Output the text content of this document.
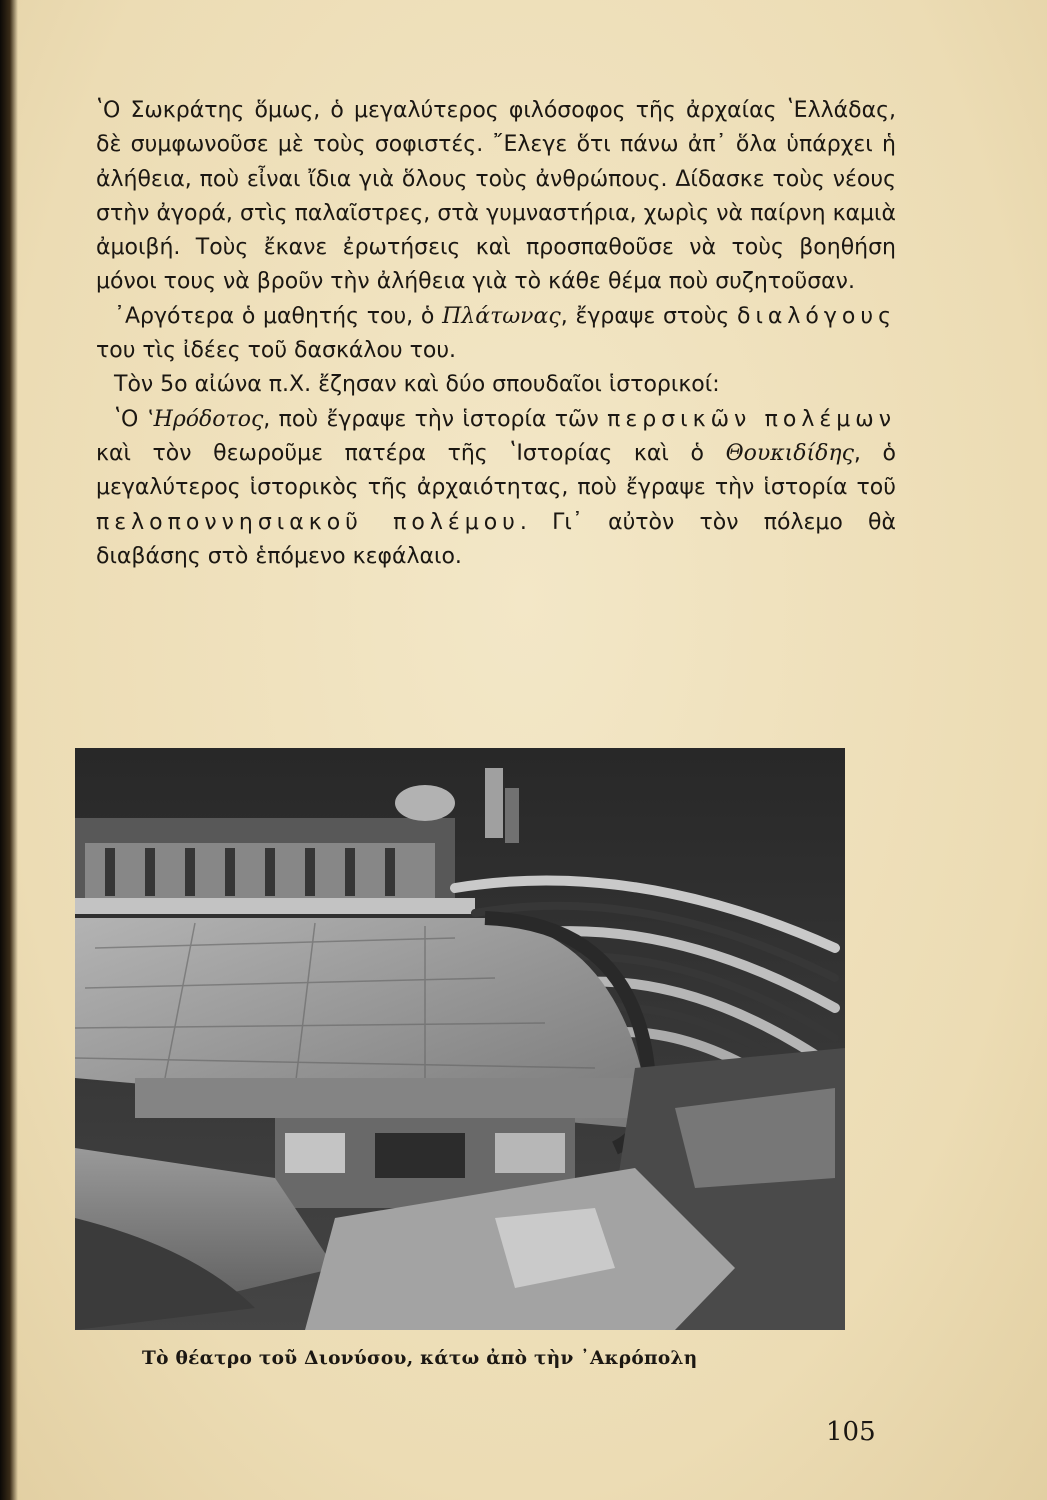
ʽΟ Σωκράτης ὅμως, ὁ μεγαλύτερος φιλόσοφος τῆς ἀρχαίας ʽΕλλάδας, δὲ συμφωνοῦσε μὲ τοὺς σοφιστές. ῎Ελεγε ὅτι πάνω ἀπ᾽ ὅλα ὑπάρχει ἡ ἀλήθεια, ποὺ εἶναι ἴδια γιὰ ὅλους τοὺς ἀνθρώπους. Δίδασκε τοὺς νέους στὴν ἀγορά, στὶς παλαῖστρες, στὰ γυμναστήρια, χωρὶς νὰ παίρνη καμιὰ ἀμοιβή. Τοὺς ἔκανε ἐρωτήσεις καὶ προσπαθοῦσε νὰ τοὺς βοηθήση μόνοι τους νὰ βροῦν τὴν ἀλήθεια γιὰ τὸ κάθε θέμα ποὺ συζητοῦσαν.

᾽Αργότερα ὁ μαθητής του, ὁ Πλάτωνας, ἔγραψε στοὺς διαλόγους του τὶς ἰδέες τοῦ δασκάλου του.

Τὸν 5ο αἰώνα π.Χ. ἔζησαν καὶ δύο σπουδαῖοι ἱστορικοί:

ʽΟ ʽΗρόδοτος, ποὺ ἔγραψε τὴν ἱστορία τῶν περσικῶν πολέμων καὶ τὸν θεωροῦμε πατέρα τῆς ʽΙστορίας καὶ ὁ Θουκιδίδης, ὁ μεγαλύτερος ἱστορικὸς τῆς ἀρχαιότητας, ποὺ ἔγραψε τὴν ἱστορία τοῦ πελοποννησιακοῦ πολέμου. Γι᾽ αὐτὸν τὸν πόλεμο θὰ διαβάσης στὸ ἑπόμενο κεφάλαιο.

Τὸ θέατρο τοῦ Διονύσου, κάτω ἀπὸ τὴν ᾽Ακρόπολη
105
